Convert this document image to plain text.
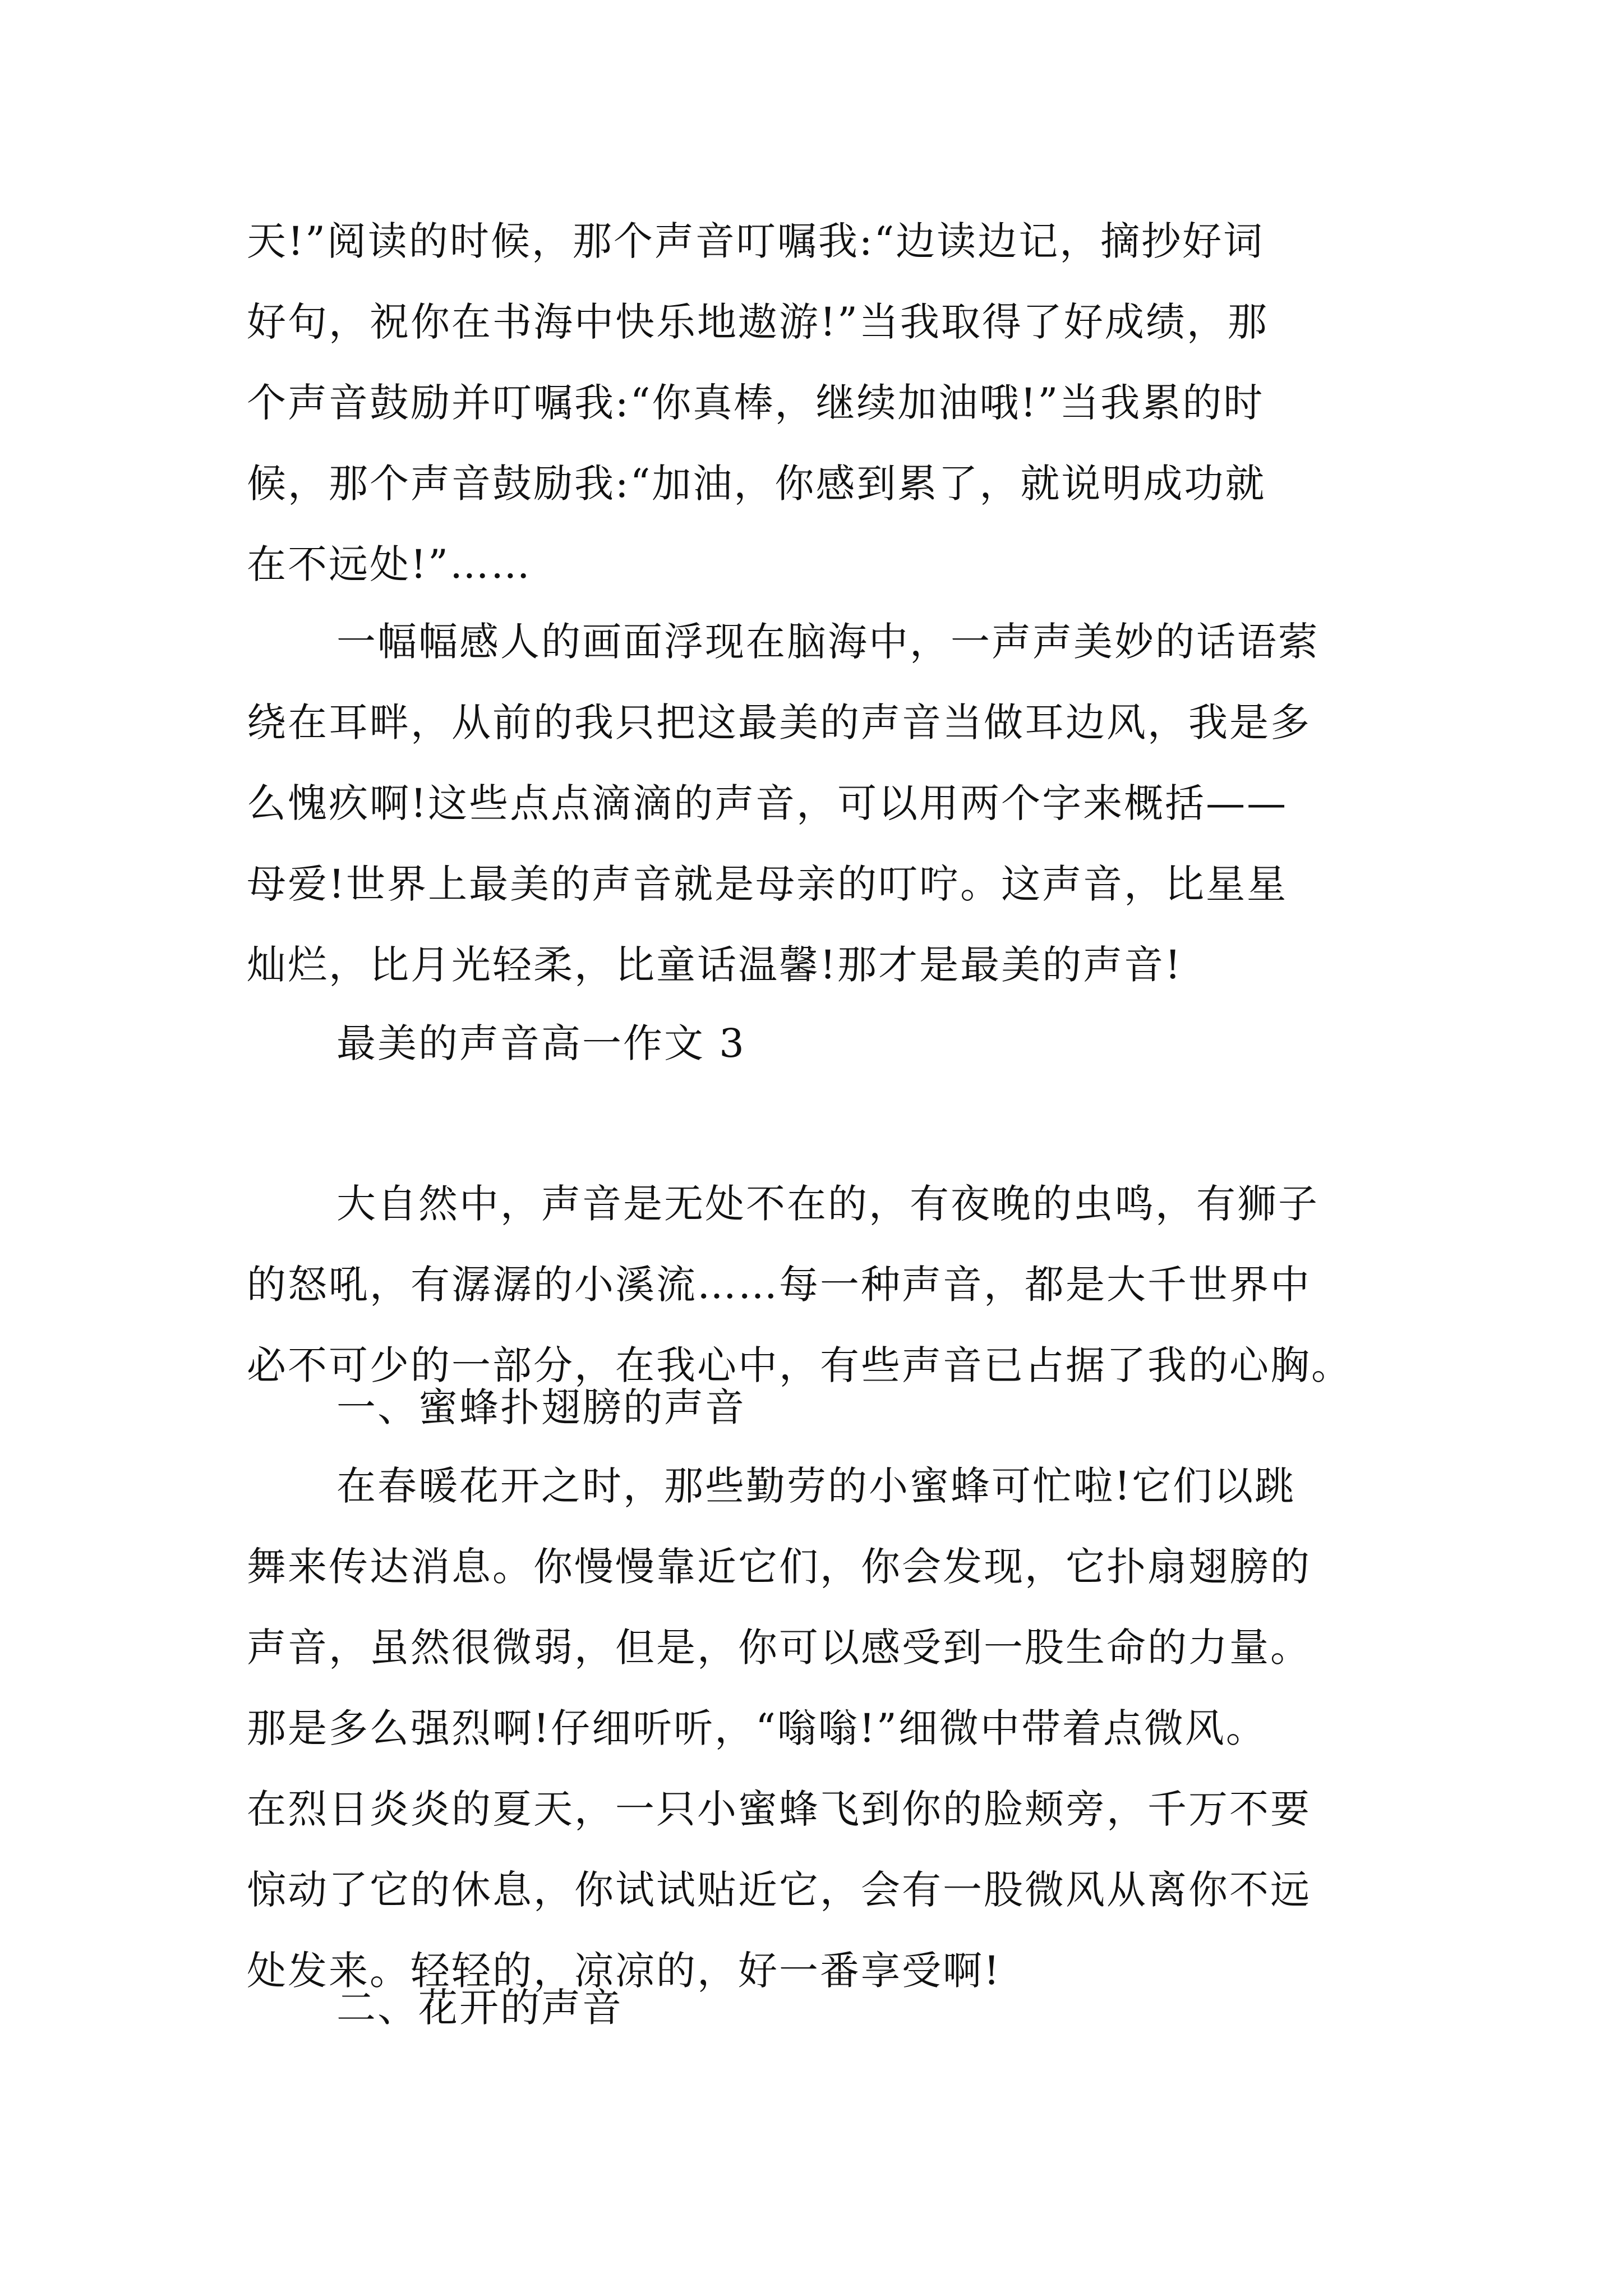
天!”阅读的时候，那个声音叮嘱我:“边读边记，摘抄好词
好句，祝你在书海中快乐地遨游!”当我取得了好成绩，那
个声音鼓励并叮嘱我:“你真棒，继续加油哦!”当我累的时
候，那个声音鼓励我:“加油，你感到累了，就说明成功就
在不远处!”……

一幅幅感人的画面浮现在脑海中，一声声美妙的话语萦
绕在耳畔，从前的我只把这最美的声音当做耳边风，我是多
么愧疚啊!这些点点滴滴的声音，可以用两个字来概括——
母爱!世界上最美的声音就是母亲的叮咛。这声音，比星星
灿烂，比月光轻柔，比童话温馨!那才是最美的声音!

最美的声音高一作文 3

大自然中，声音是无处不在的，有夜晚的虫鸣，有狮子
的怒吼，有潺潺的小溪流……每一种声音，都是大千世界中
必不可少的一部分，在我心中，有些声音已占据了我的心胸。

一、蜜蜂扑翅膀的声音

在春暖花开之时，那些勤劳的小蜜蜂可忙啦!它们以跳
舞来传达消息。你慢慢靠近它们，你会发现，它扑扇翅膀的
声音，虽然很微弱，但是，你可以感受到一股生命的力量。
那是多么强烈啊!仔细听听，“嗡嗡!”细微中带着点微风。
在烈日炎炎的夏天，一只小蜜蜂飞到你的脸颊旁，千万不要
惊动了它的休息，你试试贴近它，会有一股微风从离你不远
处发来。轻轻的，凉凉的，好一番享受啊!

二、花开的声音
